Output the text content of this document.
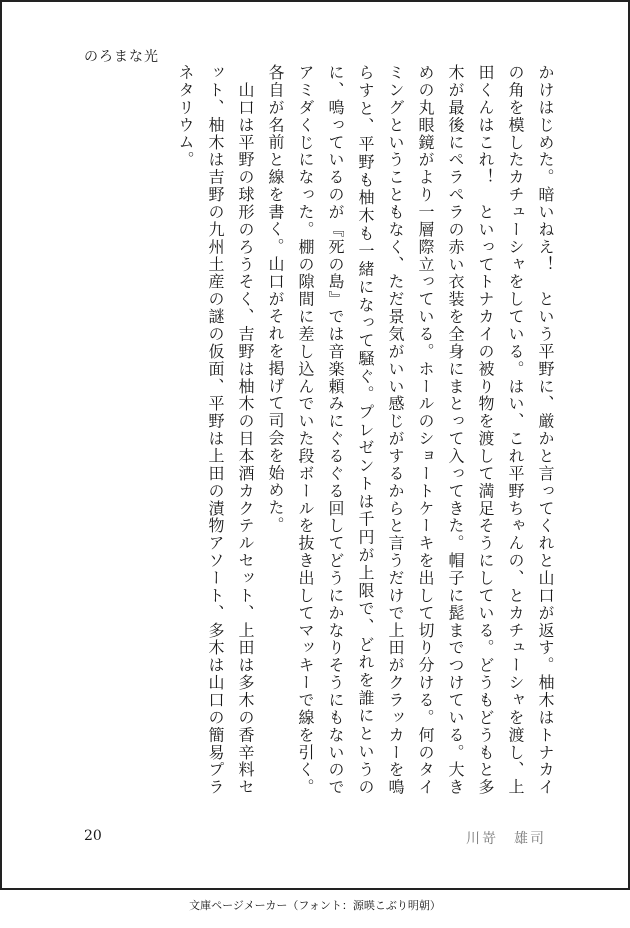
のろまな光

かけはじめた。暗いねえ！　という平野に、厳かと言ってくれと山口が返す。柚木はトナカイの角を模したカチューシャをしている。はい、これ平野ちゃんの、とカチューシャを渡し、上田くんはこれ！　といってトナカイの被り物を渡して満足そうにしている。どうもどうもと多木が最後にペラペラの赤い衣装を全身にまとって入ってきた。帽子に髭までつけている。大きめの丸眼鏡がより一層際立っている。ホールのショートケーキを出して切り分ける。何のタイミングということもなく、ただ景気がいい感じがするからと言うだけで上田がクラッカーを鳴らすと、平野も柚木も一緒になって騒ぐ。プレゼントは千円が上限で、どれを誰にというのに、鳴っているのが『死の島』では音楽頼みにぐるぐる回してどうにかなりそうにもないのでアミダくじになった。棚の隙間に差し込んでいた段ボールを抜き出してマッキーで線を引く。各自が名前と線を書く。山口がそれを掲げて司会を始めた。

　山口は平野の球形のろうそく、吉野は柚木の日本酒カクテルセット、上田は多木の香辛料セット、柚木は吉野の九州土産の謎の仮面、平野は上田の漬物アソート、多木は山口の簡易プラネタリウム。

20	川嵜　雄司
文庫ページメーカー（フォント：源暎こぶり明朝）
